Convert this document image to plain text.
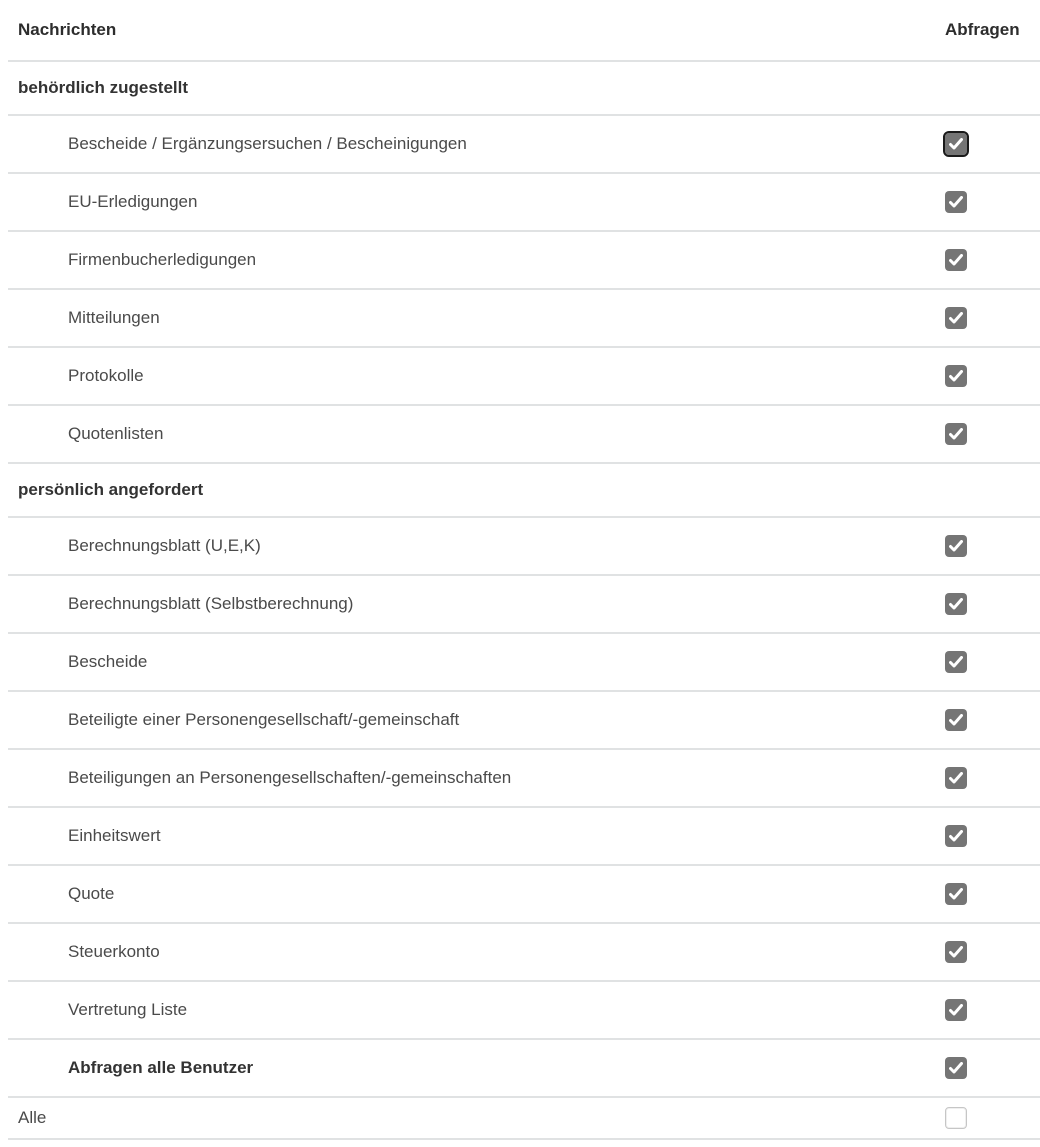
Nachrichten	Abfragen
behördlich zugestellt
Bescheide / Ergänzungsersuchen / Bescheinigungen
EU-Erledigungen
Firmenbucherledigungen
Mitteilungen
Protokolle
Quotenlisten
persönlich angefordert
Berechnungsblatt (U,E,K)
Berechnungsblatt (Selbstberechnung)
Bescheide
Beteiligte einer Personengesellschaft/-gemeinschaft
Beteiligungen an Personengesellschaften/-gemeinschaften
Einheitswert
Quote
Steuerkonto
Vertretung Liste
Abfragen alle Benutzer
Alle
